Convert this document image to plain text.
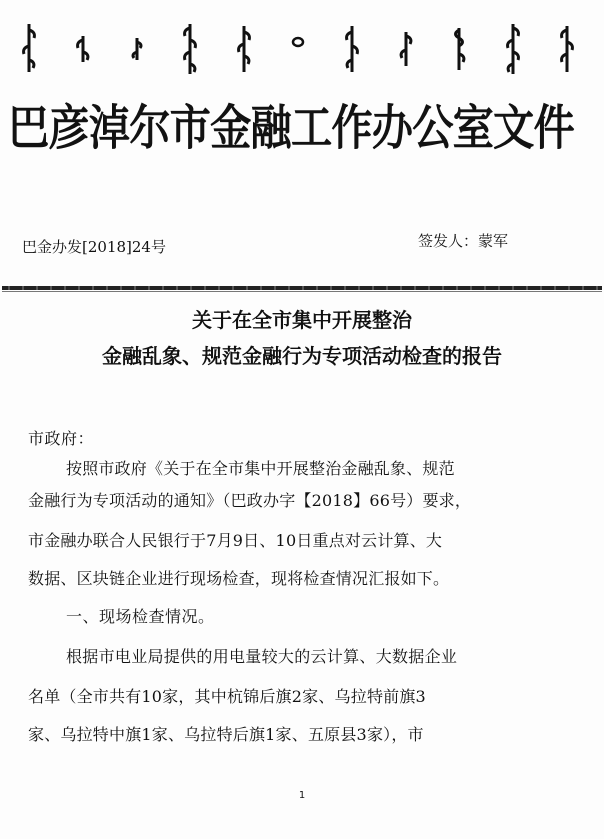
巴彦淖尔市金融工作办公室文件
巴金办发[2018]24号	签发人：蒙军
关于在全市集中开展整治
金融乱象、规范金融行为专项活动检查的报告
市政府：
按照市政府《关于在全市集中开展整治金融乱象、规范
金融行为专项活动的通知》（巴政办字【2018】66号）要求，
市金融办联合人民银行于7月9日、10日重点对云计算、大
数据、区块链企业进行现场检查，现将检查情况汇报如下。
一、现场检查情况。
根据市电业局提供的用电量较大的云计算、大数据企业
名单（全市共有10家，其中杭锦后旗2家、乌拉特前旗3
家、乌拉特中旗1家、乌拉特后旗1家、五原县3家），市
1
